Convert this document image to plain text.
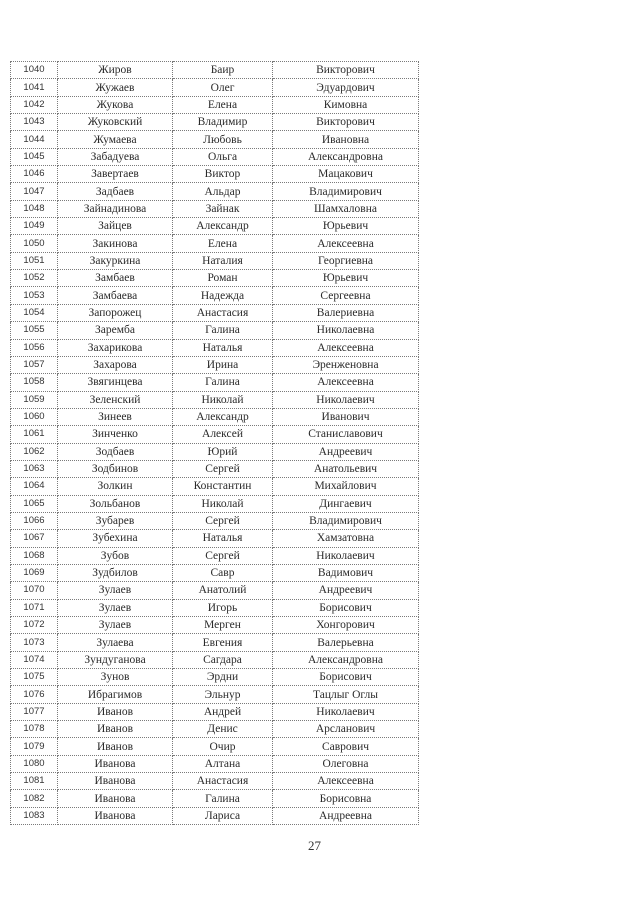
1040	Жиров	Баир	Викторович
1041	Жужаев	Олег	Эдуардович
1042	Жукова	Елена	Кимовна
1043	Жуковский	Владимир	Викторович
1044	Жумаева	Любовь	Ивановна
1045	Забадуева	Ольга	Александровна
1046	Завертаев	Виктор	Мацакович
1047	Задбаев	Альдар	Владимирович
1048	Зайнадинова	Зайнак	Шамхаловна
1049	Зайцев	Александр	Юрьевич
1050	Закинова	Елена	Алексеевна
1051	Закуркина	Наталия	Георгиевна
1052	Замбаев	Роман	Юрьевич
1053	Замбаева	Надежда	Сергеевна
1054	Запорожец	Анастасия	Валериевна
1055	Заремба	Галина	Николаевна
1056	Захарикова	Наталья	Алексеевна
1057	Захарова	Ирина	Эренженовна
1058	Звягинцева	Галина	Алексеевна
1059	Зеленский	Николай	Николаевич
1060	Зинеев	Александр	Иванович
1061	Зинченко	Алексей	Станиславович
1062	Зодбаев	Юрий	Андреевич
1063	Зодбинов	Сергей	Анатольевич
1064	Золкин	Константин	Михайлович
1065	Зольбанов	Николай	Дингаевич
1066	Зубарев	Сергей	Владимирович
1067	Зубехина	Наталья	Хамзатовна
1068	Зубов	Сергей	Николаевич
1069	Зудбилов	Савр	Вадимович
1070	Зулаев	Анатолий	Андреевич
1071	Зулаев	Игорь	Борисович
1072	Зулаев	Мерген	Хонгорович
1073	Зулаева	Евгения	Валерьевна
1074	Зундуганова	Сагдара	Александровна
1075	Зунов	Эрдни	Борисович
1076	Ибрагимов	Эльнур	Тацлыг Оглы
1077	Иванов	Андрей	Николаевич
1078	Иванов	Денис	Арсланович
1079	Иванов	Очир	Саврович
1080	Иванова	Алтана	Олеговна
1081	Иванова	Анастасия	Алексеевна
1082	Иванова	Галина	Борисовна
1083	Иванова	Лариса	Андреевна
27
